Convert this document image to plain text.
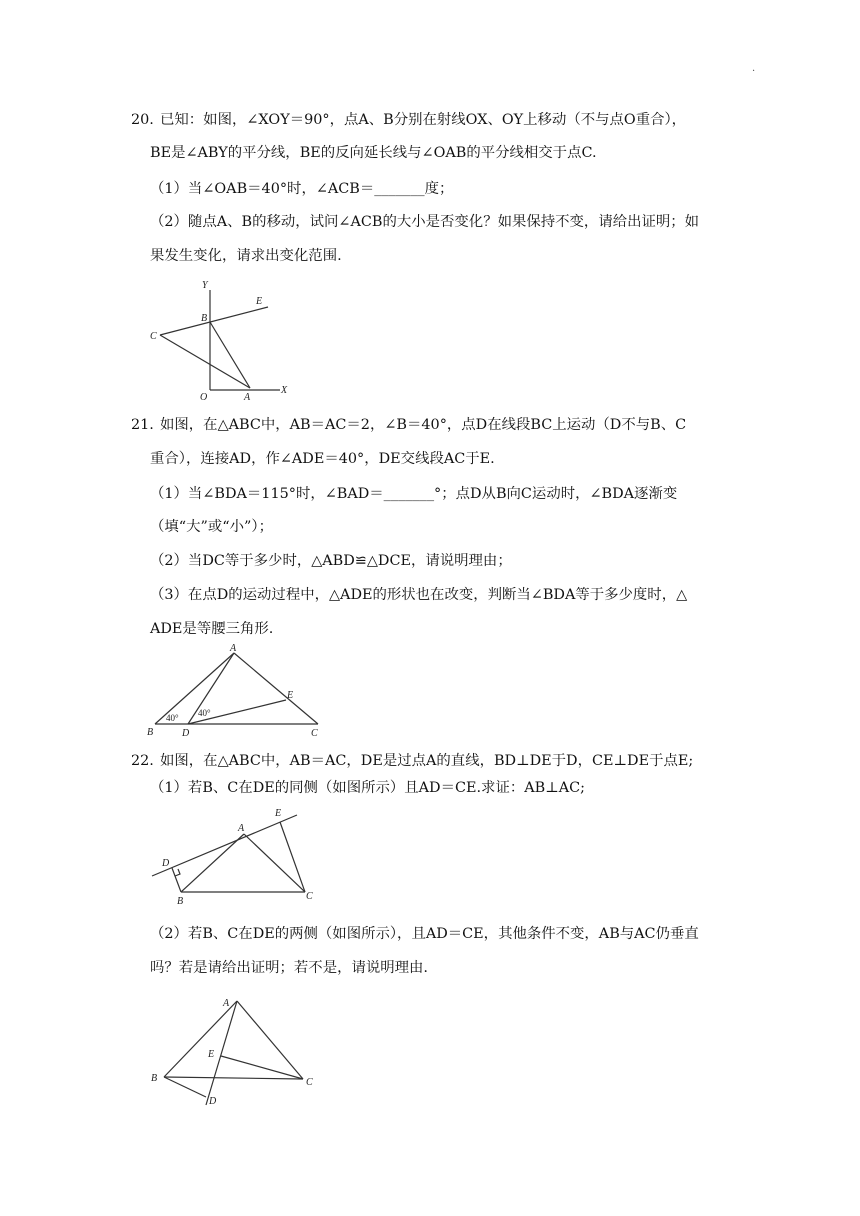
·
20. 已知：如图，∠XOY＝90°，点A、B分别在射线OX、OY上移动（不与点O重合），
BE是∠ABY的平分线，BE的反向延长线与∠OAB的平分线相交于点C.
（1）当∠OAB＝40°时，∠ACB＝_______度；
（2）随点A、B的移动，试问∠ACB的大小是否变化？如果保持不变，请给出证明；如
果发生变化，请求出变化范围.
Y
E
B
C
O	A
X
21. 如图，在△ABC中，AB＝AC＝2，∠B＝40°，点D在线段BC上运动（D不与B、C
重合），连接AD，作∠ADE＝40°，DE交线段AC于E.
（1）当∠BDA＝115°时，∠BAD＝_______°；点D从B向C运动时，∠BDA逐渐变
（填“大”或“小”）；
（2）当DC等于多少时，△ABD≌△DCE，请说明理由；
（3）在点D的运动过程中，△ADE的形状也在改变，判断当∠BDA等于多少度时，△
ADE是等腰三角形.
A
E
B	D	C
40° 40°
22. 如图，在△ABC中，AB＝AC，DE是过点A的直线，BD⊥DE于D，CE⊥DE于点E;
（1）若B、C在DE的同侧（如图所示）且AD＝CE.求证：AB⊥AC;
E
A
D
B	C
（2）若B、C在DE的两侧（如图所示），且AD＝CE，其他条件不变，AB与AC仍垂直
吗？若是请给出证明；若不是，请说明理由.
A
E
B	C
D
